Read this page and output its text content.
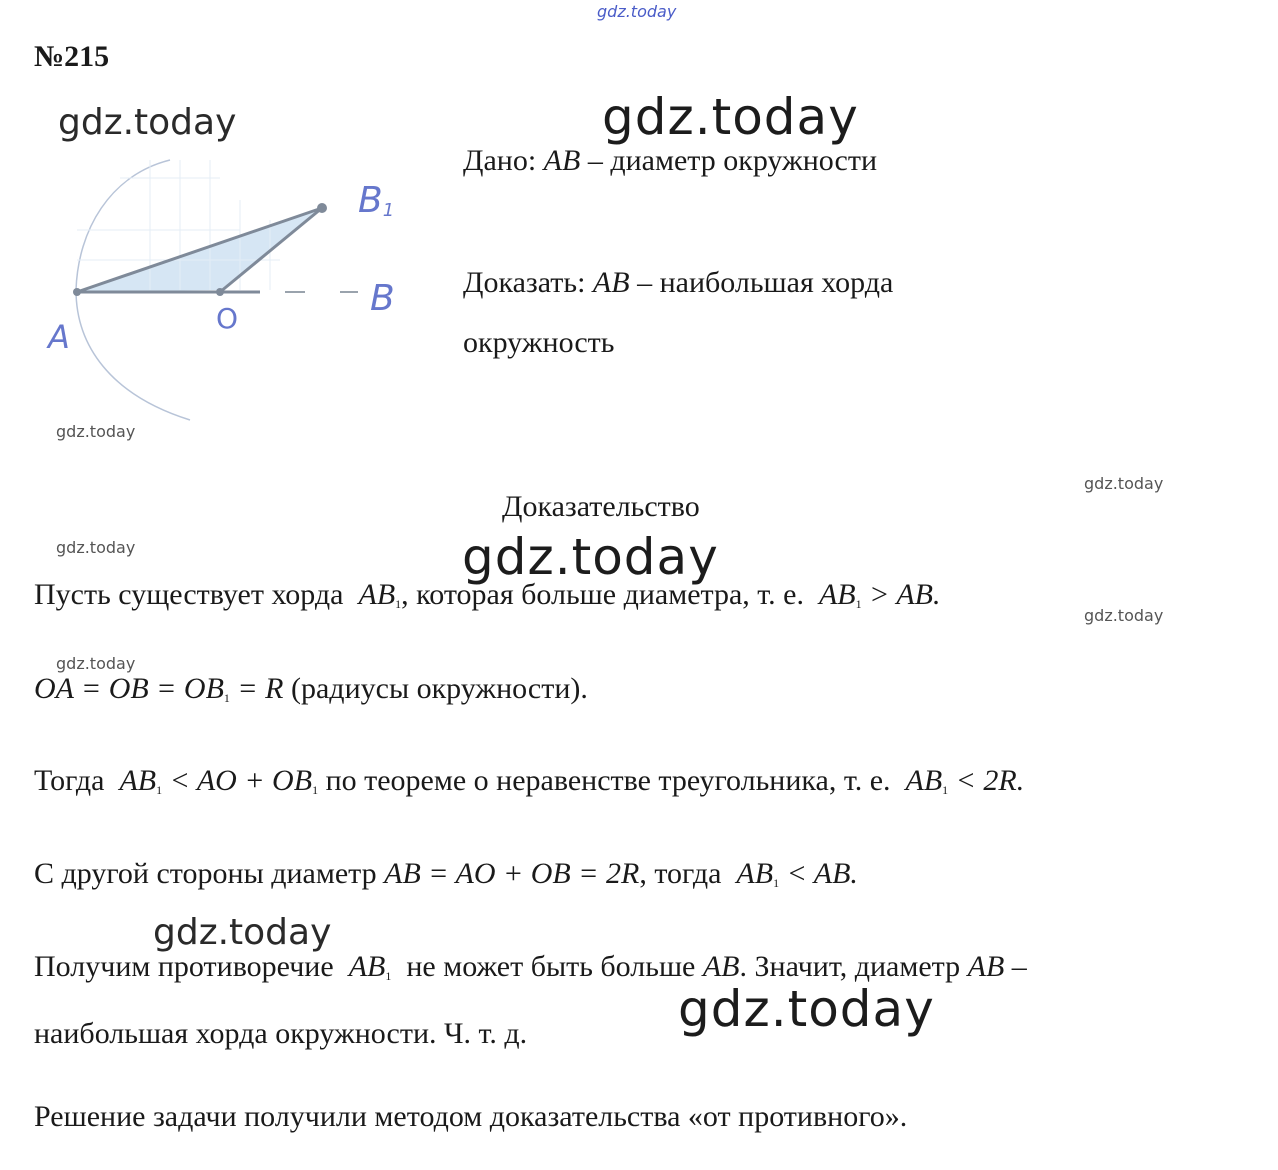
gdz.today
gdz.today	gdz.today
gdz.today
gdz.today
gdz.today	gdz.today
gdz.today
gdz.today
gdz.today
gdz.today
№215
A	O	B
$B_1$
Дано: AB – диаметр окружности
Доказать: AB – наибольшая хорда
окружность
Доказательство
Пусть существует хорда $AB_1$, которая больше диаметра, т. е. $AB_1$ > AB.
OA = OB = $OB_1 = R$ (радиусы окружности).
Тогда $AB_1$ < AO + $OB_1$ по теореме о неравенстве треугольника, т. е. $AB_1 < 2R$.
С другой стороны диаметр AB = AO + OB = 2R, тогда $AB_1$ < AB.
Получим противоречие $AB_1$ не может быть больше AB. Значит, диаметр AB –
наибольшая хорда окружности. Ч. т. д.
Решение задачи получили методом доказательства «от противного».
